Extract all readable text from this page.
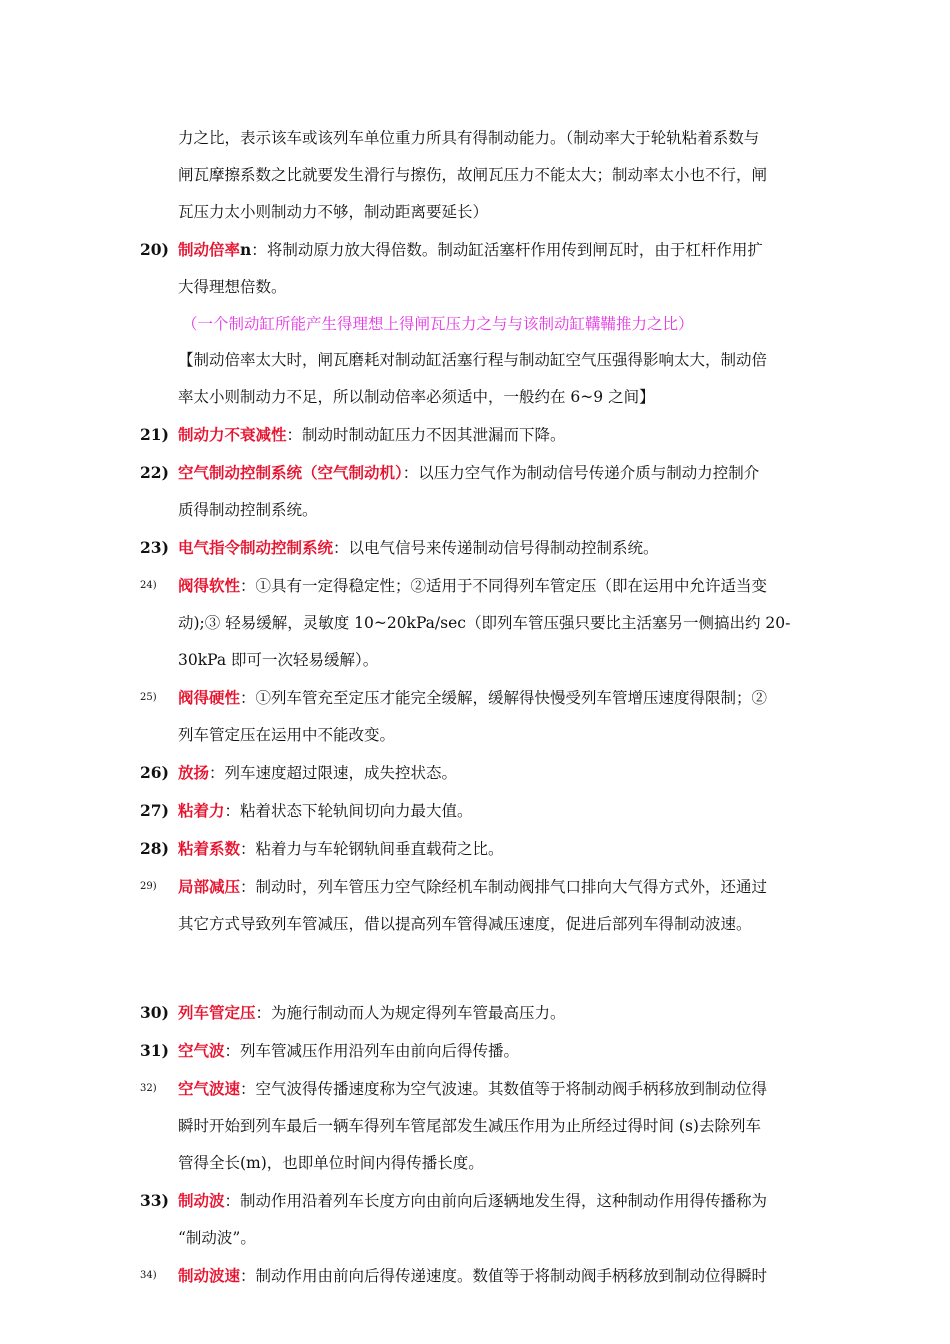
力之比，表示该车或该列车单位重力所具有得制动能力。（制动率大于轮轨粘着系数与

闸瓦摩擦系数之比就要发生滑行与擦伤，故闸瓦压力不能太大；制动率太小也不行，闸

瓦压力太小则制动力不够，制动距离要延长）

20) 制动倍率n：将制动原力放大得倍数。制动缸活塞杆作用传到闸瓦时，由于杠杆作用扩
大得理想倍数。
（一个制动缸所能产生得理想上得闸瓦压力之与与该制动缸鞲鞴推力之比）

【制动倍率太大时，闸瓦磨耗对制动缸活塞行程与制动缸空气压强得影响太大，制动倍

率太小则制动力不足，所以制动倍率必须适中，一般约在 6~9 之间】

21) 制动力不衰减性：制动时制动缸压力不因其泄漏而下降。
22) 空气制动控制系统（空气制动机）：以压力空气作为制动信号传递介质与制动力控制介
质得制动控制系统。
23) 电气指令制动控制系统：以电气信号来传递制动信号得制动控制系统。
24)	阀得软性：①具有一定得稳定性；②适用于不同得列车管定压（即在运用中允许适当变
动);③ 轻易缓解，灵敏度 10~20kPa/sec（即列车管压强只要比主活塞另一侧搞出约 20-
30kPa 即可一次轻易缓解）。
25)	阀得硬性：①列车管充至定压才能完全缓解，缓解得快慢受列车管增压速度得限制；②
列车管定压在运用中不能改变。
26) 放扬：列车速度超过限速，成失控状态。
27) 粘着力：粘着状态下轮轨间切向力最大值。
28) 粘着系数：粘着力与车轮钢轨间垂直载荷之比。
29)	局部减压：制动时，列车管压力空气除经机车制动阀排气口排向大气得方式外，还通过
其它方式导致列车管减压，借以提高列车管得减压速度，促进后部列车得制动波速。

30) 列车管定压：为施行制动而人为规定得列车管最高压力。
31) 空气波：列车管减压作用沿列车由前向后得传播。
32)	空气波速：空气波得传播速度称为空气波速。其数值等于将制动阀手柄移放到制动位得
瞬时开始到列车最后一辆车得列车管尾部发生减压作用为止所经过得时间 (s)去除列车
管得全长(m)，也即单位时间内得传播长度。
33) 制动波：制动作用沿着列车长度方向由前向后逐辆地发生得，这种制动作用得传播称为
“制动波”。
34)	制动波速：制动作用由前向后得传递速度。数值等于将制动阀手柄移放到制动位得瞬时
